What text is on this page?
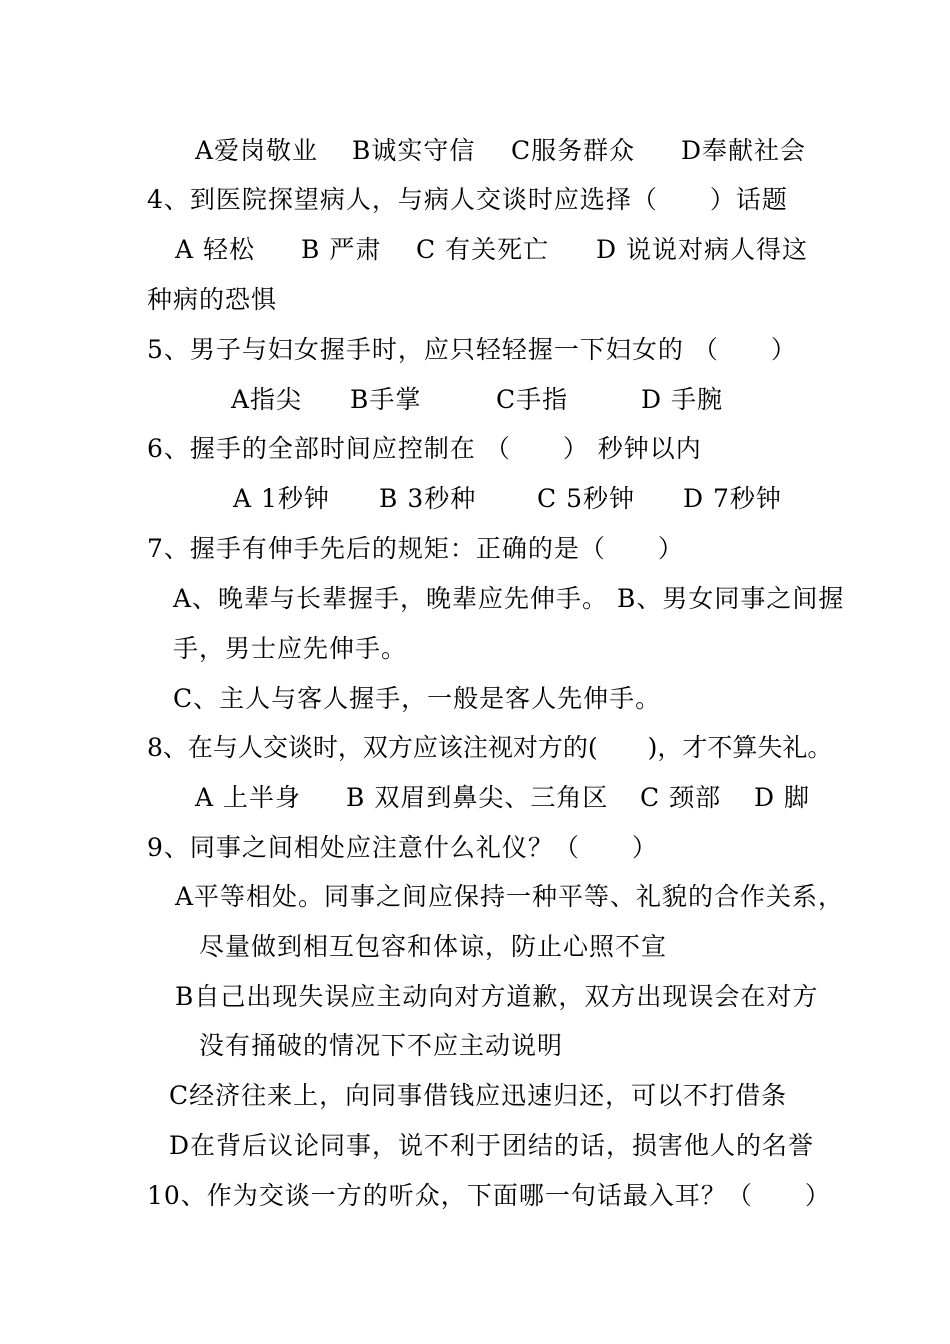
A爱岗敬业 B诚实守信 C服务群众 D奉献社会
4、到医院探望病人，与病人交谈时应选择（　　）话题
A 轻松 B 严肃 C 有关死亡 D 说说对病人得这
种病的恐惧
5、男子与妇女握手时，应只轻轻握一下妇女的 （　　）
A指尖 B手掌	C手指	D 手腕
6、握手的全部时间应控制在 （　　） 秒钟以内
A 1秒钟 B 3秒种 C 5秒钟 D 7秒钟
7、握手有伸手先后的规矩：正确的是（　　）
A、晚辈与长辈握手，晚辈应先伸手。 B、男女同事之间握
手，男士应先伸手。
C、主人与客人握手，一般是客人先伸手。
8、在与人交谈时，双方应该注视对方的(　　)，才不算失礼。
A 上半身 B 双眉到鼻尖、三角区 C 颈部 D 脚
9、同事之间相处应注意什么礼仪？（　　）
A平等相处。同事之间应保持一种平等、礼貌的合作关系，
尽量做到相互包容和体谅，防止心照不宣
B自己出现失误应主动向对方道歉，双方出现误会在对方
没有捅破的情况下不应主动说明
C经济往来上，向同事借钱应迅速归还，可以不打借条
D在背后议论同事，说不利于团结的话，损害他人的名誉
10、作为交谈一方的听众，下面哪一句话最入耳？（　　）
